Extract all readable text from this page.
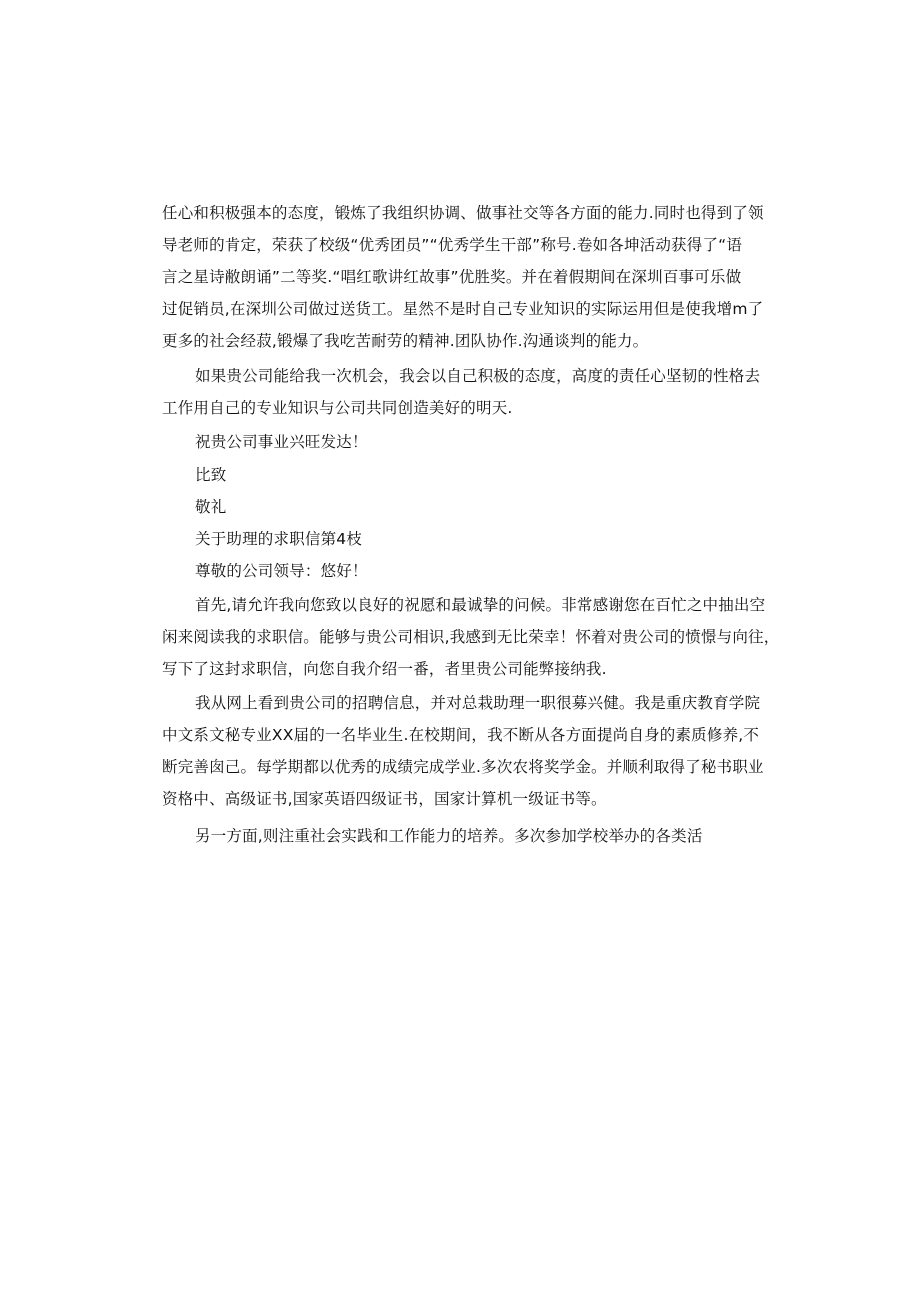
任心和积极强本的态度，锻炼了我组织协调、做事社交等各方面的能力.同时也得到了领
导老师的肯定，荣获了校级“优秀团员”“优秀学生干部”称号.卷如各坤活动获得了“语
言之星诗敝朗诵”二等奖.“唱红歌讲红故事”优胜奖。并在着假期间在深圳百事可乐做
过促销员,在深圳公司做过送货工。星然不是时自己专业知识的实际运用但是使我增m了
更多的社会经菽,锻爆了我吃苦耐劳的精神.团队协作.沟通谈判的能力。
如果贵公司能给我一次机会，我会以自己积极的态度，高度的责任心坚韧的性格去
工作用自己的专业知识与公司共同创造美好的明天.
祝贵公司事业兴旺发达！
比致
敬礼
关于助理的求职信第4枝
尊敬的公司领导：悠好！
首先,请允许我向您致以良好的祝愿和最诚挚的问候。非常感谢您在百忙之中抽出空
闲来阅读我的求职信。能够与贵公司相识,我感到无比荣幸！怀着对贵公司的愤憬与向往，
写下了这封求职信，向您自我介绍一番，者里贵公司能弊接纳我.
我从网上看到贵公司的招聘信息，并对总栽助理一职很募兴健。我是重庆教育学院
中文系文秘专业XX届的一名毕业生.在校期间，我不断从各方面提尚自身的素质修养,不
断完善囱己。每学期都以优秀的成绩完成学业.多次农将奖学金。并顺利取得了秘书职业
资格中、高级证书,国家英语四级证书，国家计算机一级证书等。
另一方面,则注重社会实践和工作能力的培养。多次参加学校举办的各类活
